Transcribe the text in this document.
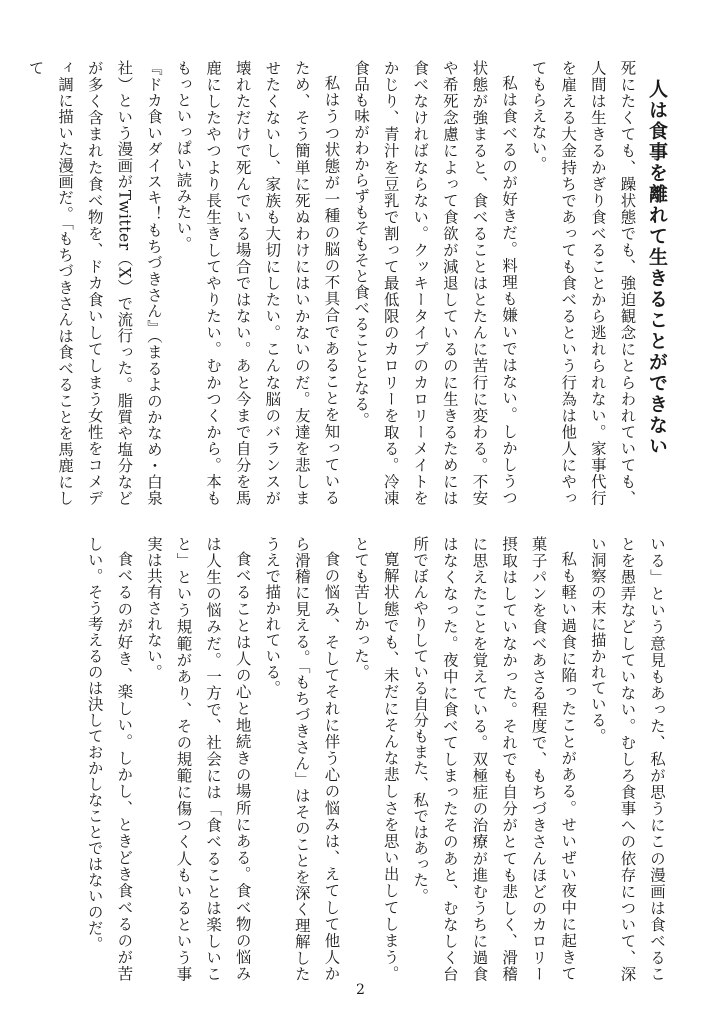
人は食事を離れて生きることができない

死にたくても、躁状態でも、強迫観念にとらわれていても、人間は生きるかぎり食べることから逃れられない。家事代行を雇える大金持ちであっても食べるという行為は他人にやってもらえない。

私は食べるのが好きだ。料理も嫌いではない。しかしうつ状態が強まると、食べることはとたんに苦行に変わる。不安や希死念慮によって食欲が減退しているのに生きるためには食べなければならない。クッキータイプのカロリーメイトをかじり、青汁を豆乳で割って最低限のカロリーを取る。冷凍食品も味がわからずもそもそと食べることとなる。

私はうつ状態が一種の脳の不具合であることを知っているため、そう簡単に死ぬわけにはいかないのだ。友達を悲しませたくないし、家族も大切にしたい。こんな脳のバランスが壊れただけで死んでいる場合ではない。あと今まで自分を馬鹿にしたやつより長生きしてやりたい。むかつくから。本ももっといっぱい読みたい。

『ドカ食いダイスキ！もちづきさん』（まるよのかなめ・白泉社）という漫画がTwitter（X）で流行った。脂質や塩分などが多く含まれた食べ物を、ドカ食いしてしまう女性をコメディ調に描いた漫画だ。「もちづきさんは食べることを馬鹿にして

いる」という意見もあった、私が思うにこの漫画は食べることを愚弄などしていない。むしろ食事への依存について、深い洞察の末に描かれている。

私も軽い過食に陥ったことがある。せいぜい夜中に起きて菓子パンを食べあさる程度で、もちづきさんほどのカロリー摂取はしていなかった。それでも自分がとても悲しく、滑稽に思えたことを覚えている。双極症の治療が進むうちに過食はなくなった。夜中に食べてしまったそのあと、むなしく台所でぼんやりしている自分もまた、私ではあった。

寛解状態でも、未だにそんな悲しさを思い出してしまう。とても苦しかった。

食の悩み、そしてそれに伴う心の悩みは、えてして他人から滑稽に見える。「もちづきさん」はそのことを深く理解したうえで描かれている。

食べることは人の心と地続きの場所にある。食べ物の悩みは人生の悩みだ。一方で、社会には「食べることは楽しいこと」という規範があり、その規範に傷つく人もいるという事実は共有されない。

食べるのが好き、楽しい。しかし、ときどき食べるのが苦しい。そう考えるのは決しておかしなことではないのだ。

2
